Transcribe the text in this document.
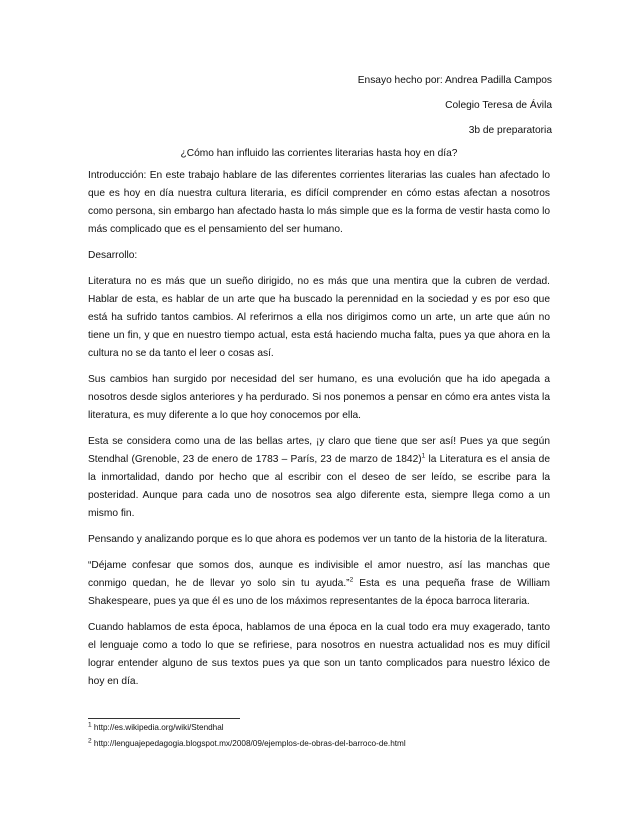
Ensayo hecho por: Andrea Padilla Campos
Colegio Teresa de Ávila
3b de preparatoria
¿Cómo han influido las corrientes literarias hasta hoy en día?

Introducción: En este trabajo hablare de las diferentes corrientes literarias las cuales han afectado lo que es hoy en día nuestra cultura literaria, es difícil comprender en cómo estas afectan a nosotros como persona, sin embargo han afectado hasta lo más simple que es la forma de vestir hasta como lo más complicado que es el pensamiento del ser humano.

Desarrollo:

Literatura no es más que un sueño dirigido, no es más que una mentira que la cubren de verdad. Hablar de esta, es hablar de un arte que ha buscado la perennidad en la sociedad y es por eso que está ha sufrido tantos cambios. Al referirnos a ella nos dirigimos como un arte, un arte que aún no tiene un fin, y que en nuestro tiempo actual, esta está haciendo mucha falta, pues ya que ahora en la cultura no se da tanto el leer o cosas así.

Sus cambios han surgido por necesidad del ser humano, es una evolución que ha ido apegada a nosotros desde siglos anteriores y ha perdurado. Si nos ponemos a pensar en cómo era antes vista la literatura, es muy diferente a lo que hoy conocemos por ella.

Esta se considera como una de las bellas artes, ¡y claro que tiene que ser así! Pues ya que según Stendhal (Grenoble, 23 de enero de 1783 – París, 23 de marzo de 1842)$^1$ la Literatura es el ansia de la inmortalidad, dando por hecho que al escribir con el deseo de ser leído, se escribe para la posteridad. Aunque para cada uno de nosotros sea algo diferente esta, siempre llega como a un mismo fin.

Pensando y analizando porque es lo que ahora es podemos ver un tanto de la historia de la literatura.

“Déjame confesar que somos dos, aunque es indivisible el amor nuestro, así las manchas que conmigo quedan, he de llevar yo solo sin tu ayuda.”$^2$ Esta es una pequeña frase de William Shakespeare, pues ya que él es uno de los máximos representantes de la época barroca literaria.

Cuando hablamos de esta época, hablamos de una época en la cual todo era muy exagerado, tanto el lenguaje como a todo lo que se refiriese, para nosotros en nuestra actualidad nos es muy difícil lograr entender alguno de sus textos pues ya que son un tanto complicados para nuestro léxico de hoy en día.

$^1$ http://es.wikipedia.org/wiki/Stendhal
$^2$ http://lenguajepedagogia.blogspot.mx/2008/09/ejemplos-de-obras-del-barroco-de.html
